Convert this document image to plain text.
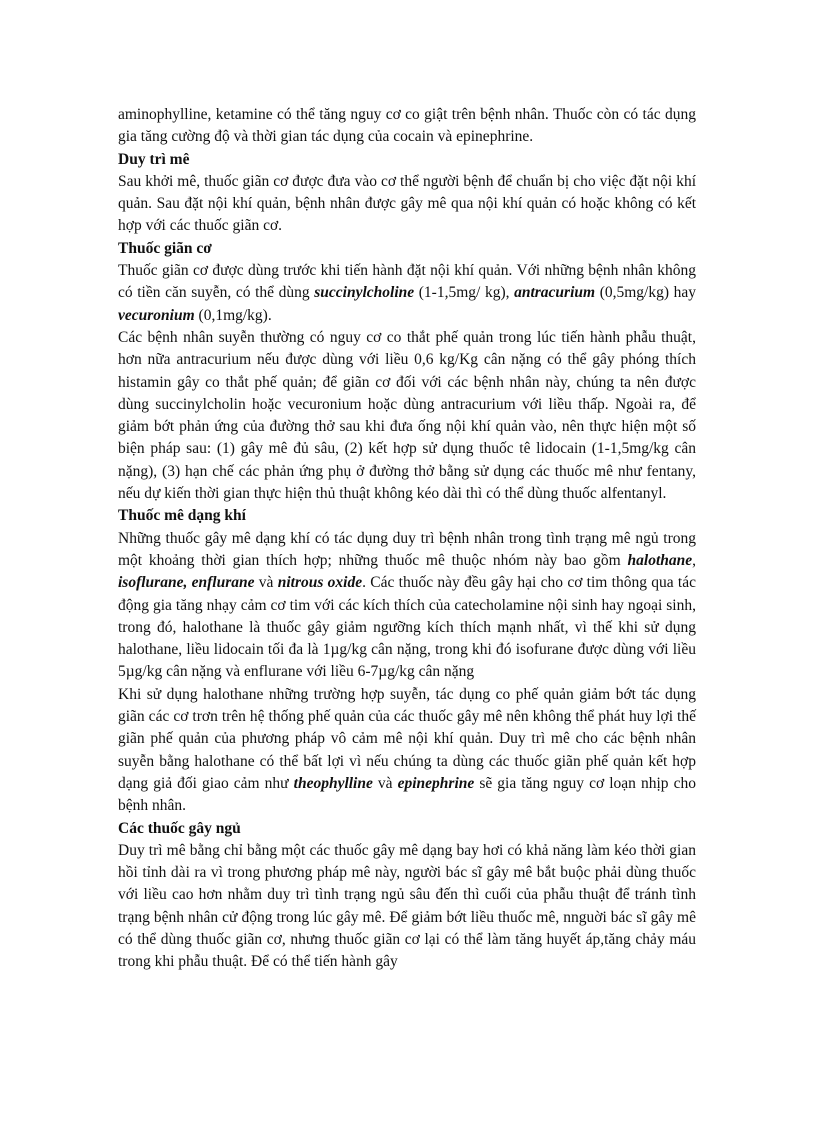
aminophylline, ketamine có thể tăng nguy cơ co giật trên bệnh nhân. Thuốc còn có tác dụng gia tăng cường độ và thời gian tác dụng của cocain và epinephrine.

Duy trì mê

Sau khởi mê, thuốc giãn cơ được đưa vào cơ thể người bệnh để chuẩn bị cho việc đặt nội khí quản. Sau đặt nội khí quản, bệnh nhân được gây mê qua nội khí quản có hoặc không có kết hợp với các thuốc giãn cơ.

Thuốc giãn cơ

Thuốc giãn cơ được dùng trước khi tiến hành đặt nội khí quản. Với những bệnh nhân không có tiền căn suyễn, có thể dùng succinylcholine (1-1,5mg/ kg), antracurium (0,5mg/kg) hay vecuronium (0,1mg/kg).

Các bệnh nhân suyễn thường có nguy cơ co thắt phế quản trong lúc tiến hành phẫu thuật, hơn nữa antracurium nếu được dùng với liều 0,6 kg/Kg cân nặng có thể gây phóng thích histamin gây co thắt phế quản; để giãn cơ đối với các bệnh nhân này, chúng ta nên được dùng succinylcholin hoặc vecuronium hoặc dùng antracurium với liều thấp. Ngoài ra, để giảm bớt phản ứng của đường thở sau khi đưa ống nội khí quản vào, nên thực hiện một số biện pháp sau: (1) gây mê đủ sâu, (2) kết hợp sử dụng thuốc tê lidocain (1-1,5mg/kg cân nặng), (3) hạn chế các phản ứng phụ ở đường thở bằng sử dụng các thuốc mê như fentany, nếu dự kiến thời gian thực hiện thủ thuật không kéo dài thì có thể dùng thuốc alfentanyl.

Thuốc mê dạng khí

Những thuốc gây mê dạng khí có tác dụng duy trì bệnh nhân trong tình trạng mê ngủ trong một khoảng thời gian thích hợp; những thuốc mê thuộc nhóm này bao gồm halothane, isoflurane, enflurane và nitrous oxide. Các thuốc này đều gây hại cho cơ tim thông qua tác động gia tăng nhạy cảm cơ tim với các kích thích của catecholamine nội sinh hay ngoại sinh, trong đó, halothane là thuốc gây giảm ngưỡng kích thích mạnh nhất, vì thế khi sử dụng halothane, liều lidocain tối đa là 1µg/kg cân nặng, trong khi đó isofurane được dùng với liều 5µg/kg cân nặng và enflurane với liều 6-7µg/kg cân nặng

Khi sử dụng halothane những trường hợp suyễn, tác dụng co phế quản giảm bớt tác dụng giãn các cơ trơn trên hệ thống phế quản của các thuốc gây mê nên không thể phát huy lợi thế giãn phế quản của phương pháp vô cảm mê nội khí quản. Duy trì mê cho các bệnh nhân suyễn bằng halothane có thể bất lợi vì nếu chúng ta dùng các thuốc giãn phế quản kết hợp dạng giả đối giao cảm như theophylline và epinephrine sẽ gia tăng nguy cơ loạn nhịp cho bệnh nhân.

Các thuốc gây ngủ

Duy trì mê bằng chỉ bằng một các thuốc gây mê dạng bay hơi có khả năng làm kéo thời gian hồi tỉnh dài ra vì trong phương pháp mê này, người bác sĩ gây mê bắt buộc phải dùng thuốc với liều cao hơn nhằm duy trì tình trạng ngủ sâu đến thì cuối của phẫu thuật để tránh tình trạng bệnh nhân cử động trong lúc gây mê. Để giảm bớt liều thuốc mê, nnguời bác sĩ gây mê có thể dùng thuốc giãn cơ, nhưng thuốc giãn cơ lại có thể làm tăng huyết áp,tăng chảy máu trong khi phẫu thuật. Để có thể tiến hành gây
